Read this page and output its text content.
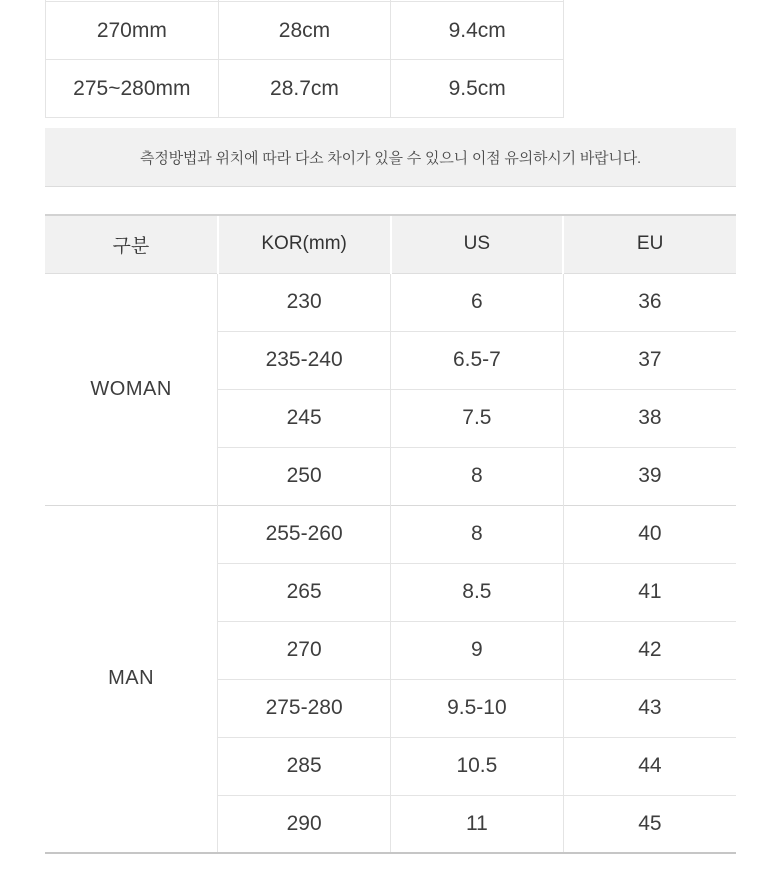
270mm	28cm	9.4cm
275~280mm	28.7cm	9.5cm
측정방법과 위치에 따라 다소 차이가 있을 수 있으니 이점 유의하시기 바랍니다.
구분	KOR(mm)	US	EU
WOMAN	230	6	36
	235-240	6.5-7	37
	245	7.5	38
	250	8	39
MAN	255-260	8	40
	265	8.5	41
	270	9	42
	275-280	9.5-10	43
	285	10.5	44
	290	11	45
